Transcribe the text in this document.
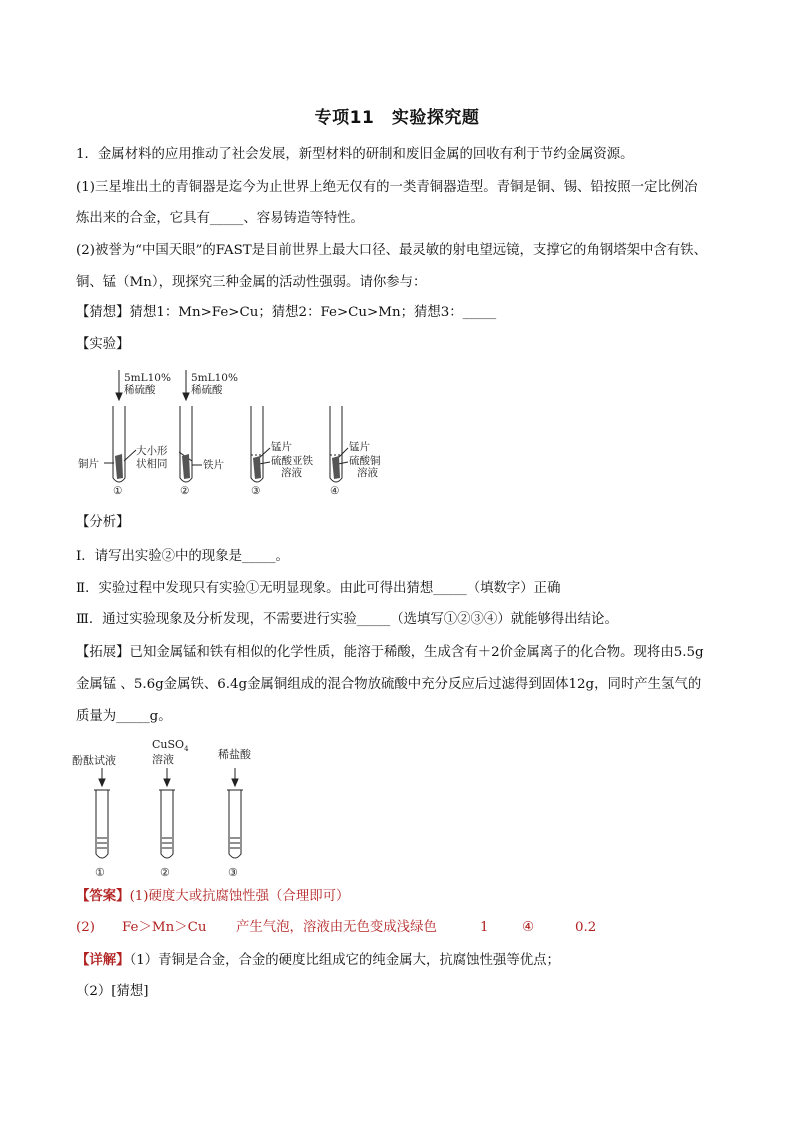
专项11　实验探究题
1．金属材料的应用推动了社会发展，新型材料的研制和废旧金属的回收有利于节约金属资源。
(1)三星堆出土的青铜器是迄今为止世界上绝无仅有的一类青铜器造型。青铜是铜、锡、铅按照一定比例冶
炼出来的合金，它具有_____、容易铸造等特性。
(2)被誉为“中国天眼”的FAST是目前世界上最大口径、最灵敏的射电望远镜，支撑它的角钢塔架中含有铁、
铜、锰（Mn），现探究三种金属的活动性强弱。请你参与：
【猜想】猜想1：Mn>Fe>Cu；猜想2：Fe>Cu>Mn；猜想3：_____
【实验】
5mL10%
稀硫酸
5mL10%
稀硫酸
铜片
大小形
状相同	铁片
锰片
硫酸亚铁
溶液
锰片
硫酸铜
溶液
①	②	③	④
【分析】
Ⅰ．请写出实验②中的现象是_____。
Ⅱ．实验过程中发现只有实验①无明显现象。由此可得出猜想_____（填数字）正确
Ⅲ．通过实验现象及分析发现，不需要进行实验_____（选填写①②③④）就能够得出结论。
【拓展】已知金属锰和铁有相似的化学性质，能溶于稀酸，生成含有＋2价金属离子的化合物。现将由5.5g
金属锰 、5.6g金属铁、6.4g金属铜组成的混合物放硫酸中充分反应后过滤得到固体12g，同时产生氢气的
质量为_____g。
酚酞试液
CuSO$_4$
溶液	稀盐酸
①	②	③
【答案】(1)硬度大或抗腐蚀性强（合理即可）
(2) Fe＞Mn＞Cu 产生气泡，溶液由无色变成浅绿色	1 ④	0.2
【详解】（1）青铜是合金，合金的硬度比组成它的纯金属大，抗腐蚀性强等优点；
（2）[猜想]
